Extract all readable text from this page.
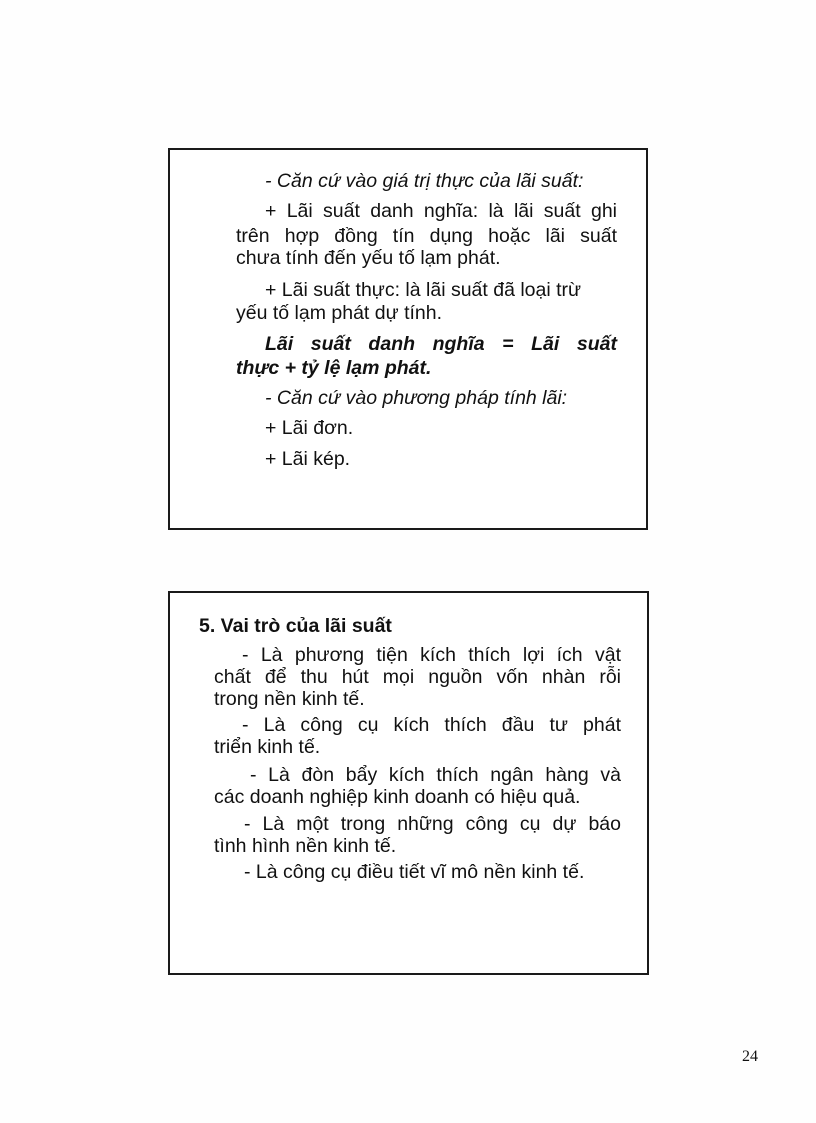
- Căn cứ vào giá trị thực của lãi suất:

+ Lãi suất danh nghĩa: là lãi suất ghi

trên hợp đồng tín dụng hoặc lãi suất

chưa tính đến yếu tố lạm phát.

+ Lãi suất thực: là lãi suất đã loại trừ

yếu tố lạm phát dự tính.

Lãi suất danh nghĩa = Lãi suất

thực + tỷ lệ lạm phát.

- Căn cứ vào phương pháp tính lãi:

+ Lãi đơn.

+ Lãi kép.

5. Vai trò của lãi suất

- Là phương tiện kích thích lợi ích vật

chất để thu hút mọi nguồn vốn nhàn rỗi

trong nền kinh tế.

- Là công cụ kích thích đầu tư phát

triển kinh tế.

- Là đòn bẩy kích thích ngân hàng và

các doanh nghiệp kinh doanh có hiệu quả.

- Là một trong những công cụ dự báo

tình hình nền kinh tế.

- Là công cụ điều tiết vĩ mô nền kinh tế.

24
